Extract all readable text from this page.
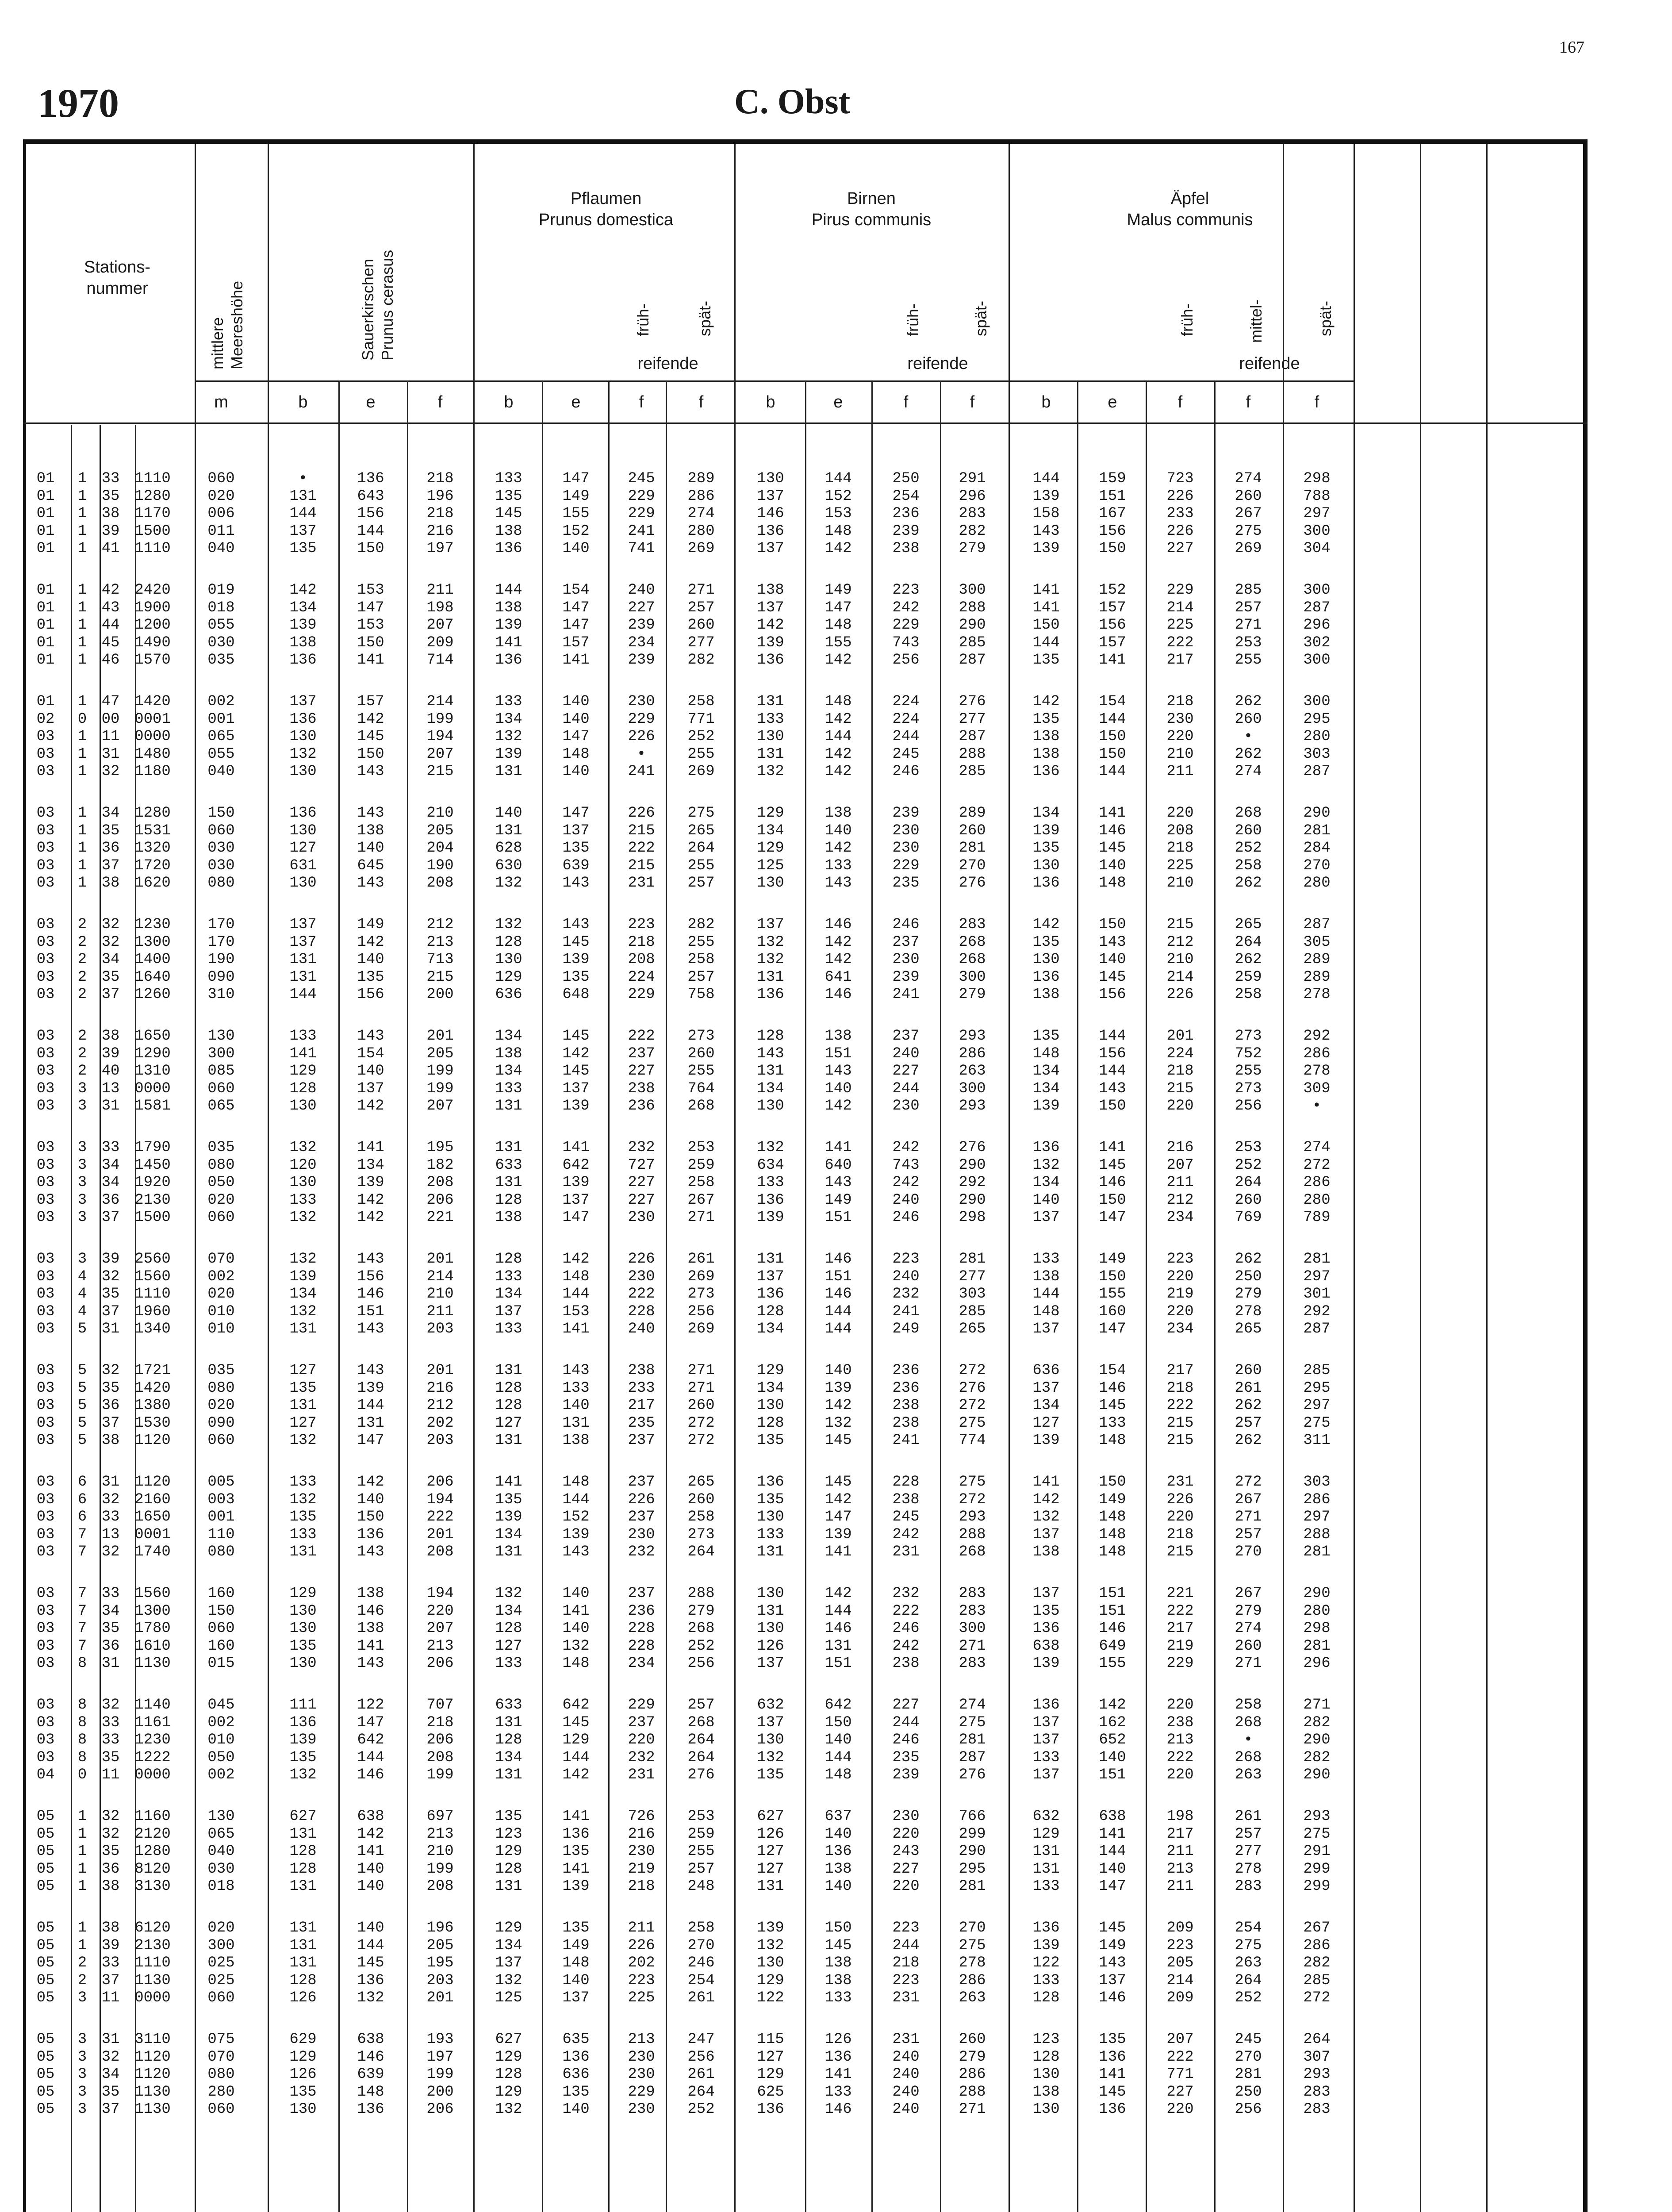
167
1970	C. Obst
Stations-
nummer
mittlere
Meereshöhe	Sauerkirschen
Prunus cerasus
Pflaumen
Prunus domestica
Birnen
Pirus communis
Äpfel
Malus communis
früh-	spät-	früh-	spät-	früh-	mittel-	spät-
reifende	reifende	reifende
m	b	e	f	b	e	f	f	b	e	f	f	b	e	f	f	f
01 1 33 1110	060	•	136	218	133	147	245	289	130	144	250	291	144	159	723	274	298
01 1 35 1280	020	131	643	196	135	149	229	286	137	152	254	296	139	151	226	260	788
01 1 38 1170	006	144	156	218	145	155	229	274	146	153	236	283	158	167	233	267	297
01 1 39 1500	011	137	144	216	138	152	241	280	136	148	239	282	143	156	226	275	300
01 1 41 1110	040	135	150	197	136	140	741	269	137	142	238	279	139	150	227	269	304
01 1 42 2420	019	142	153	211	144	154	240	271	138	149	223	300	141	152	229	285	300
01 1 43 1900	018	134	147	198	138	147	227	257	137	147	242	288	141	157	214	257	287
01 1 44 1200	055	139	153	207	139	147	239	260	142	148	229	290	150	156	225	271	296
01 1 45 1490	030	138	150	209	141	157	234	277	139	155	743	285	144	157	222	253	302
01 1 46 1570	035	136	141	714	136	141	239	282	136	142	256	287	135	141	217	255	300
01 1 47 1420	002	137	157	214	133	140	230	258	131	148	224	276	142	154	218	262	300
02 0 00 0001	001	136	142	199	134	140	229	771	133	142	224	277	135	144	230	260	295
03 1 11 0000	065	130	145	194	132	147	226	252	130	144	244	287	138	150	220	•	280
03 1 31 1480	055	132	150	207	139	148	•	255	131	142	245	288	138	150	210	262	303
03 1 32 1180	040	130	143	215	131	140	241	269	132	142	246	285	136	144	211	274	287
03 1 34 1280	150	136	143	210	140	147	226	275	129	138	239	289	134	141	220	268	290
03 1 35 1531	060	130	138	205	131	137	215	265	134	140	230	260	139	146	208	260	281
03 1 36 1320	030	127	140	204	628	135	222	264	129	142	230	281	135	145	218	252	284
03 1 37 1720	030	631	645	190	630	639	215	255	125	133	229	270	130	140	225	258	270
03 1 38 1620	080	130	143	208	132	143	231	257	130	143	235	276	136	148	210	262	280
03 2 32 1230	170	137	149	212	132	143	223	282	137	146	246	283	142	150	215	265	287
03 2 32 1300	170	137	142	213	128	145	218	255	132	142	237	268	135	143	212	264	305
03 2 34 1400	190	131	140	713	130	139	208	258	132	142	230	268	130	140	210	262	289
03 2 35 1640	090	131	135	215	129	135	224	257	131	641	239	300	136	145	214	259	289
03 2 37 1260	310	144	156	200	636	648	229	758	136	146	241	279	138	156	226	258	278
03 2 38 1650	130	133	143	201	134	145	222	273	128	138	237	293	135	144	201	273	292
03 2 39 1290	300	141	154	205	138	142	237	260	143	151	240	286	148	156	224	752	286
03 2 40 1310	085	129	140	199	134	145	227	255	131	143	227	263	134	144	218	255	278
03 3 13 0000	060	128	137	199	133	137	238	764	134	140	244	300	134	143	215	273	309
03 3 31 1581	065	130	142	207	131	139	236	268	130	142	230	293	139	150	220	256	•
03 3 33 1790	035	132	141	195	131	141	232	253	132	141	242	276	136	141	216	253	274
03 3 34 1450	080	120	134	182	633	642	727	259	634	640	743	290	132	145	207	252	272
03 3 34 1920	050	130	139	208	131	139	227	258	133	143	242	292	134	146	211	264	286
03 3 36 2130	020	133	142	206	128	137	227	267	136	149	240	290	140	150	212	260	280
03 3 37 1500	060	132	142	221	138	147	230	271	139	151	246	298	137	147	234	769	789
03 3 39 2560	070	132	143	201	128	142	226	261	131	146	223	281	133	149	223	262	281
03 4 32 1560	002	139	156	214	133	148	230	269	137	151	240	277	138	150	220	250	297
03 4 35 1110	020	134	146	210	134	144	222	273	136	146	232	303	144	155	219	279	301
03 4 37 1960	010	132	151	211	137	153	228	256	128	144	241	285	148	160	220	278	292
03 5 31 1340	010	131	143	203	133	141	240	269	134	144	249	265	137	147	234	265	287
03 5 32 1721	035	127	143	201	131	143	238	271	129	140	236	272	636	154	217	260	285
03 5 35 1420	080	135	139	216	128	133	233	271	134	139	236	276	137	146	218	261	295
03 5 36 1380	020	131	144	212	128	140	217	260	130	142	238	272	134	145	222	262	297
03 5 37 1530	090	127	131	202	127	131	235	272	128	132	238	275	127	133	215	257	275
03 5 38 1120	060	132	147	203	131	138	237	272	135	145	241	774	139	148	215	262	311
03 6 31 1120	005	133	142	206	141	148	237	265	136	145	228	275	141	150	231	272	303
03 6 32 2160	003	132	140	194	135	144	226	260	135	142	238	272	142	149	226	267	286
03 6 33 1650	001	135	150	222	139	152	237	258	130	147	245	293	132	148	220	271	297
03 7 13 0001	110	133	136	201	134	139	230	273	133	139	242	288	137	148	218	257	288
03 7 32 1740	080	131	143	208	131	143	232	264	131	141	231	268	138	148	215	270	281
03 7 33 1560	160	129	138	194	132	140	237	288	130	142	232	283	137	151	221	267	290
03 7 34 1300	150	130	146	220	134	141	236	279	131	144	222	283	135	151	222	279	280
03 7 35 1780	060	130	138	207	128	140	228	268	130	146	246	300	136	146	217	274	298
03 7 36 1610	160	135	141	213	127	132	228	252	126	131	242	271	638	649	219	260	281
03 8 31 1130	015	130	143	206	133	148	234	256	137	151	238	283	139	155	229	271	296
03 8 32 1140	045	111	122	707	633	642	229	257	632	642	227	274	136	142	220	258	271
03 8 33 1161	002	136	147	218	131	145	237	268	137	150	244	275	137	162	238	268	282
03 8 33 1230	010	139	642	206	128	129	220	264	130	140	246	281	137	652	213	•	290
03 8 35 1222	050	135	144	208	134	144	232	264	132	144	235	287	133	140	222	268	282
04 0 11 0000	002	132	146	199	131	142	231	276	135	148	239	276	137	151	220	263	290
05 1 32 1160	130	627	638	697	135	141	726	253	627	637	230	766	632	638	198	261	293
05 1 32 2120	065	131	142	213	123	136	216	259	126	140	220	299	129	141	217	257	275
05 1 35 1280	040	128	141	210	129	135	230	255	127	136	243	290	131	144	211	277	291
05 1 36 8120	030	128	140	199	128	141	219	257	127	138	227	295	131	140	213	278	299
05 1 38 3130	018	131	140	208	131	139	218	248	131	140	220	281	133	147	211	283	299
05 1 38 6120	020	131	140	196	129	135	211	258	139	150	223	270	136	145	209	254	267
05 1 39 2130	300	131	144	205	134	149	226	270	132	145	244	275	139	149	223	275	286
05 2 33 1110	025	131	145	195	137	148	202	246	130	138	218	278	122	143	205	263	282
05 2 37 1130	025	128	136	203	132	140	223	254	129	138	223	286	133	137	214	264	285
05 3 11 0000	060	126	132	201	125	137	225	261	122	133	231	263	128	146	209	252	272
05 3 31 3110	075	629	638	193	627	635	213	247	115	126	231	260	123	135	207	245	264
05 3 32 1120	070	129	146	197	129	136	230	256	127	136	240	279	128	136	222	270	307
05 3 34 1120	080	126	639	199	128	636	230	261	129	141	240	286	130	141	771	281	293
05 3 35 1130	280	135	148	200	129	135	229	264	625	133	240	288	138	145	227	250	283
05 3 37 1130	060	130	136	206	132	140	230	252	136	146	240	271	130	136	220	256	283
